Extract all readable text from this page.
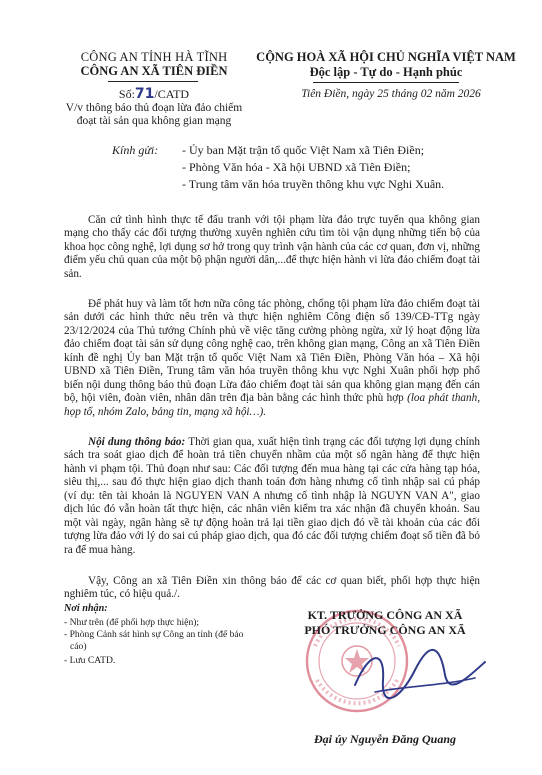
CÔNG AN TỈNH HÀ TĨNH
CÔNG AN XÃ TIÊN ĐIỀN
CỘNG HOÀ XÃ HỘI CHỦ NGHĨA VIỆT NAM
Độc lập - Tự do - Hạnh phúc
Số:71/CATD	Tiên Điền, ngày 25 tháng 02 năm 2026
V/v thông báo thủ đoạn lừa đảo chiếm
đoạt tài sản qua không gian mạng
Kính gửi: - Ủy ban Mặt trận tổ quốc Việt Nam xã Tiên Điền;
- Phòng Văn hóa - Xã hội UBND xã Tiên Điền;
- Trung tâm văn hóa truyền thông khu vực Nghi Xuân.

Căn cứ tình hình thực tế đấu tranh với tội phạm lừa đảo trực tuyến qua không gian mạng cho thấy các đối tượng thường xuyên nghiên cứu tìm tòi vận dụng những tiến bộ của khoa học công nghệ, lợi dụng sơ hở trong quy trình vận hành của các cơ quan, đơn vị, những điểm yếu chủ quan của một bộ phận người dân,...để thực hiện hành vi lừa đảo chiếm đoạt tài sản.

Để phát huy và làm tốt hơn nữa công tác phòng, chống tội phạm lừa đảo chiếm đoạt tài sản dưới các hình thức nêu trên và thực hiện nghiêm Công điện số 139/CĐ-TTg ngày 23/12/2024 của Thủ tướng Chính phủ về việc tăng cường phòng ngừa, xử lý hoạt động lừa đảo chiếm đoạt tài sản sử dụng công nghệ cao, trên không gian mạng, Công an xã Tiên Điền kính đề nghị Ủy ban Mặt trận tổ quốc Việt Nam xã Tiên Điền, Phòng Văn hóa – Xã hội UBND xã Tiên Điền, Trung tâm văn hóa truyền thông khu vực Nghi Xuân phối hợp phổ biến nội dung thông báo thủ đoạn Lừa đảo chiếm đoạt tài sản qua không gian mạng đến cán bộ, hội viên, đoàn viên, nhân dân trên địa bàn bằng các hình thức phù hợp (loa phát thanh, họp tổ, nhóm Zalo, bảng tin, mạng xã hội…).

Nội dung thông báo: Thời gian qua, xuất hiện tình trạng các đối tượng lợi dụng chính sách tra soát giao dịch để hoàn trả tiền chuyển nhầm của một số ngân hàng để thực hiện hành vi phạm tội. Thủ đoạn như sau: Các đối tượng đến mua hàng tại các cửa hàng tạp hóa, siêu thị,... sau đó thực hiện giao dịch thanh toán đơn hàng nhưng cố tình nhập sai cú pháp (ví dụ: tên tài khoản là NGUYEN VAN A nhưng cố tình nhập là NGUYN VAN A", giao dịch lúc đó vẫn hoàn tất thực hiện, các nhân viên kiểm tra xác nhận đã chuyển khoản. Sau một vài ngày, ngân hàng sẽ tự động hoàn trả lại tiền giao dịch đó về tài khoản của các đối tượng lừa đảo với lý do sai cú pháp giao dịch, qua đó các đối tượng chiếm đoạt số tiền đã bỏ ra để mua hàng.

Vậy, Công an xã Tiên Điền xin thông báo để các cơ quan biết, phối hợp thực hiện nghiêm túc, có hiệu quả./.

Nơi nhận:
- Như trên (để phối hợp thực hiện);
- Phòng Cảnh sát hình sự Công an tỉnh (để báo
cáo)
- Lưu CATD.
KT. TRƯỞNG CÔNG AN XÃ
PHÓ TRƯỞNG CÔNG AN XÃ
Đại úy Nguyễn Đăng Quang
